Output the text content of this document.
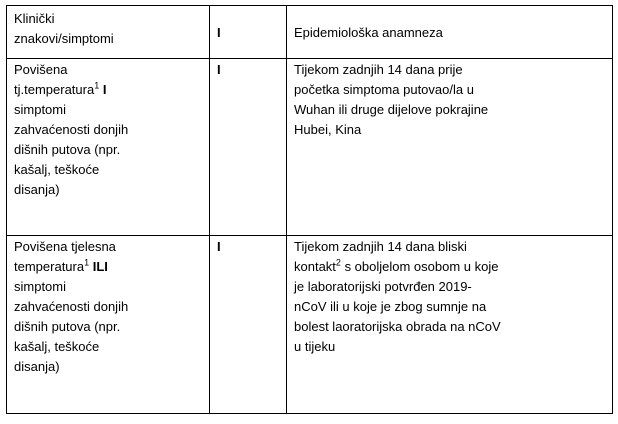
Klinički znakovi/simptomi	I	Epidemiološka anamneza
Povišena tj.temperatura$^1$ I simptomi zahvaćenosti donjih dišnih putova (npr. kašalj, teškoće disanja)	I	Tijekom zadnjih 14 dana prije početka simptoma putovao/la u Wuhan ili druge dijelove pokrajine Hubei, Kina
Povišena tjelesna temperatura$^1$ ILI simptomi zahvaćenosti donjih dišnih putova (npr. kašalj, teškoće disanja)	I	Tijekom zadnjih 14 dana bliski kontakt$^2$ s oboljelom osobom u koje je laboratorijski potvrđen 2019-nCoV ili u koje je zbog sumnje na bolest laoratorijska obrada na nCoV u tijeku
